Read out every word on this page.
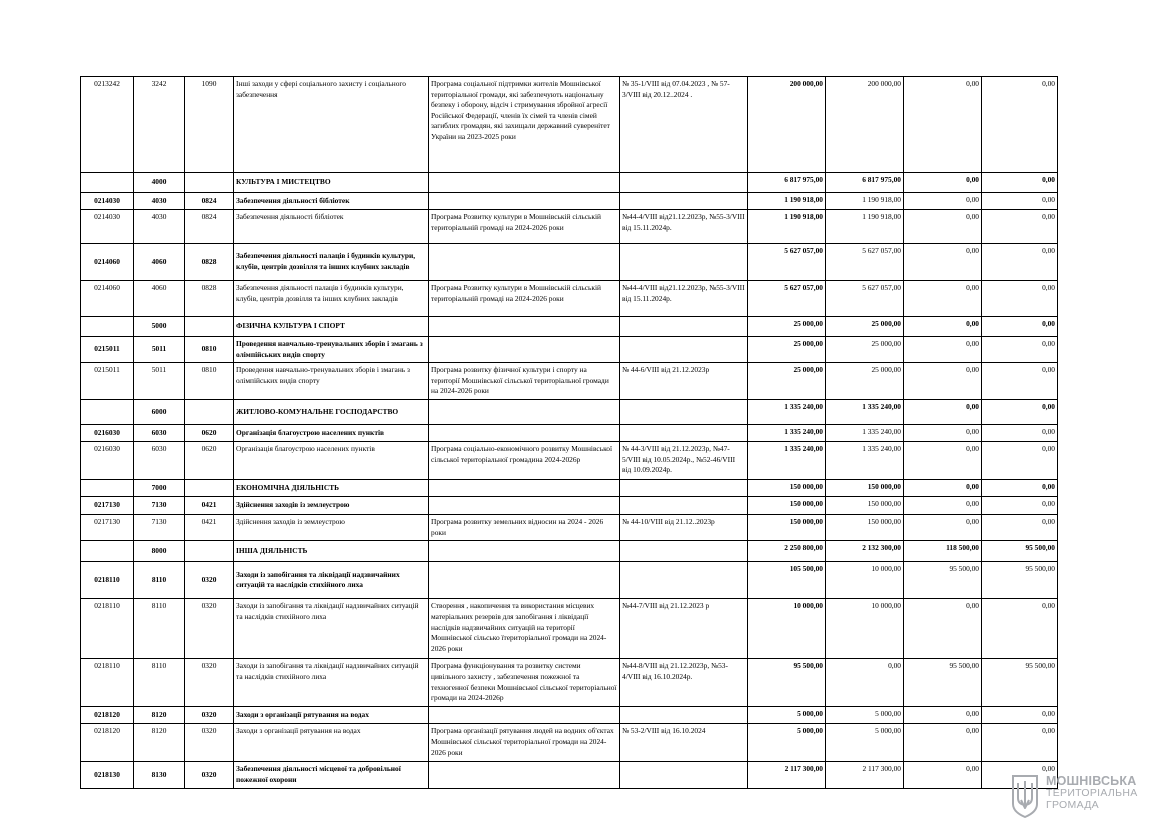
0213242	3242	1090	Інші заходи у сфері соціального захисту і соціального забезпечення	Програма соціальної підтримки жителів Мошнівської територіальної громади, які забезпечують національну безпеку і оборону, відсіч і стримування збройної агресії Російської Федерації, членів їх сімей та членів сімей загиблих громадян, які захищали державний суверенітет України на 2023-2025 роки	№ 35-1/VIII від 07.04.2023 , № 57-3/VIII від 20.12..2024 .	200 000,00	200 000,00	0,00	0,00
	4000		КУЛЬТУРА І МИСТЕЦТВО			6 817 975,00	6 817 975,00	0,00	0,00
0214030	4030	0824	Забезпечення діяльності бібліотек			1 190 918,00	1 190 918,00	0,00	0,00
0214030	4030	0824	Забезпечення діяльності бібліотек	Програма Розвитку культури в Мошнівській сільській територіальній громаді на 2024-2026 роки	№44-4/VIII від21.12.2023р, №55-3/VIII від 15.11.2024р.	1 190 918,00	1 190 918,00	0,00	0,00
0214060	4060	0828	Забезпечення діяльності палаців і будинків культури, клубів, центрів дозвілля та інших клубних закладів			5 627 057,00	5 627 057,00	0,00	0,00
0214060	4060	0828	Забезпечення діяльності палаців і будинків культури, клубів, центрів дозвілля та інших клубних закладів	Програма Розвитку культури в Мошнівській сільській територіальній громаді на 2024-2026 роки	№44-4/VIII від21.12.2023р, №55-3/VIII від 15.11.2024р.	5 627 057,00	5 627 057,00	0,00	0,00
	5000		ФІЗИЧНА КУЛЬТУРА І СПОРТ			25 000,00	25 000,00	0,00	0,00
0215011	5011	0810	Проведення навчально-тренувальних зборів і змагань з олімпійських видів спорту			25 000,00	25 000,00	0,00	0,00
0215011	5011	0810	Проведення навчально-тренувальних зборів і змагань з олімпійських видів спорту	Програма розвитку фізичної культури і спорту на території Мошнівської сільської територіальної громади на 2024-2026 роки	№ 44-6/VIII від 21.12.2023р	25 000,00	25 000,00	0,00	0,00
	6000		ЖИТЛОВО-КОМУНАЛЬНЕ ГОСПОДАРСТВО			1 335 240,00	1 335 240,00	0,00	0,00
0216030	6030	0620	Організація благоустрою населених пунктів			1 335 240,00	1 335 240,00	0,00	0,00
0216030	6030	0620	Організація благоустрою населених пунктів	Програма соціально-економічного розвитку Мошнівської сільської територіальної громадина 2024-2026р	№ 44-3/VIII від 21.12.2023р, №47-5/VIII від 10.05.2024р., №52-46/VIII від 10.09.2024р.	1 335 240,00	1 335 240,00	0,00	0,00
	7000		ЕКОНОМІЧНА ДІЯЛЬНІСТЬ			150 000,00	150 000,00	0,00	0,00
0217130	7130	0421	Здійснення заходів із землеустрою			150 000,00	150 000,00	0,00	0,00
0217130	7130	0421	Здійснення заходів із землеустрою	Програма розвитку земельних відносин на 2024 - 2026 роки	№ 44-10/VIII від 21.12..2023р	150 000,00	150 000,00	0,00	0,00
	8000		ІНША ДІЯЛЬНІСТЬ			2 250 800,00	2 132 300,00	118 500,00	95 500,00
0218110	8110	0320	Заходи із запобігання та ліквідації надзвичайних ситуацій та наслідків стихійного лиха			105 500,00	10 000,00	95 500,00	95 500,00
0218110	8110	0320	Заходи із запобігання та ліквідації надзвичайних ситуацій та наслідків стихійного лиха	Створення , накопичення та використання місцевих матеріальних резервів для запобігання і ліквідації наслідків надзвичайних ситуацій на території Мошнівської сільсько їтериторіальної громади на 2024-2026 роки	№44-7/VIII від 21.12.2023 р	10 000,00	10 000,00	0,00	0,00
0218110	8110	0320	Заходи із запобігання та ліквідації надзвичайних ситуацій та наслідків стихійного лиха	Програма функціонування та розвитку системи цивільного захисту , забезпечення пожежної та техногенної безпеки Мошнівської сільської територіальної громади на 2024-2026р	№44-8/VIII від 21.12.2023р, №53-4/VIII від 16.10.2024р.	95 500,00	0,00	95 500,00	95 500,00
0218120	8120	0320	Заходи з організації рятування на водах			5 000,00	5 000,00	0,00	0,00
0218120	8120	0320	Заходи з організації рятування на водах	Програма організації рятування людей на водних об'єктах Мошнівської сільської територіальної громади на 2024-2026 роки	№ 53-2/VIII від 16.10.2024	5 000,00	5 000,00	0,00	0,00
0218130	8130	0320	Забезпечення діяльності місцевої та добровільної пожежної охорони			2 117 300,00	2 117 300,00	0,00	0,00
МОШНІВСЬКА
ТЕРИТОРІАЛЬНА
ГРОМАДА
